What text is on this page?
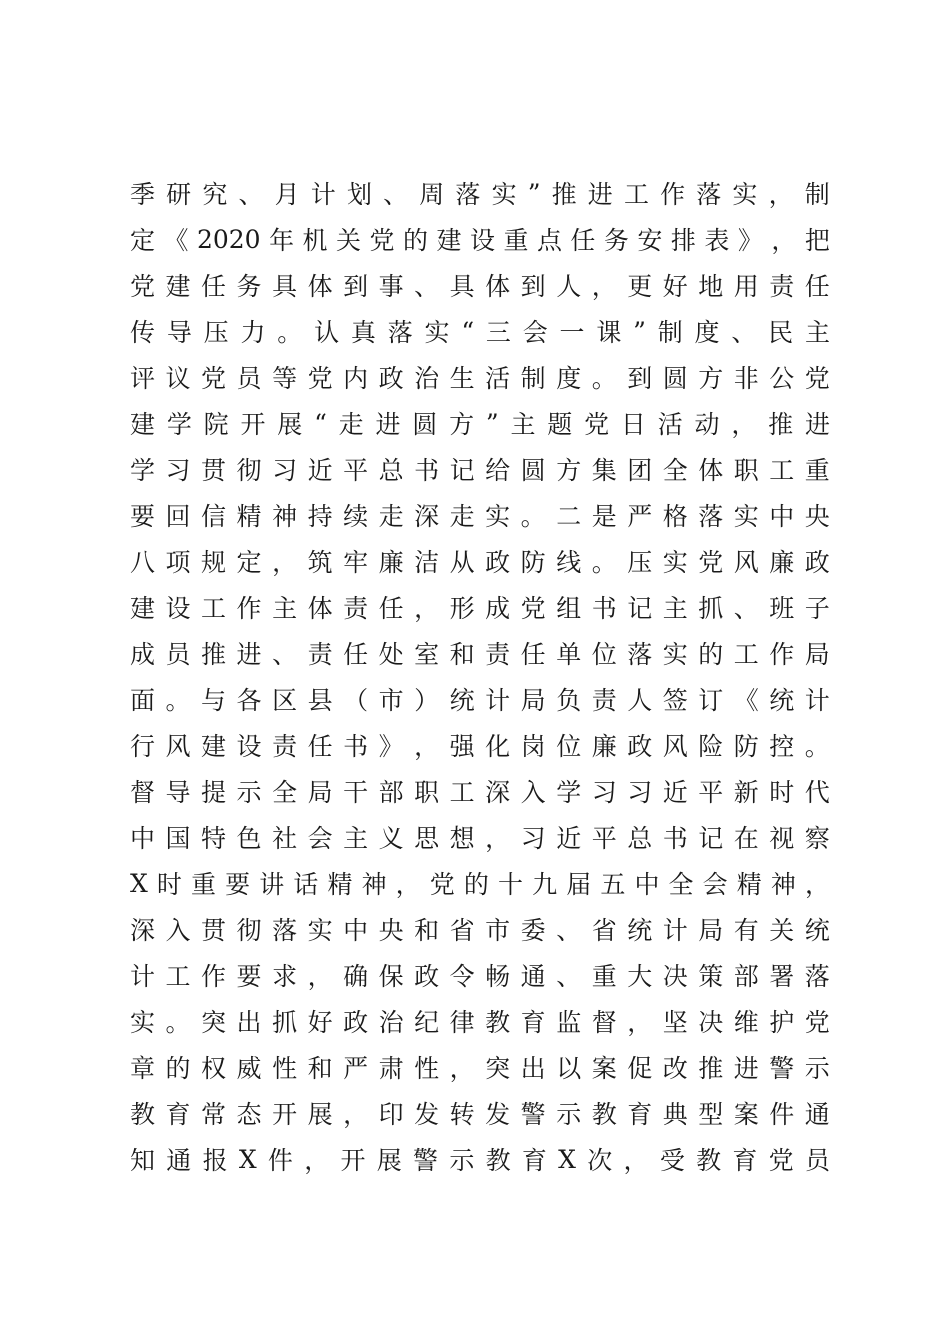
季 研 究 、 月 计 划 、 周 落 实 ” 推 进 工 作 落 实 ， 制
定 《 2020 年 机 关 党 的 建 设 重 点 任 务 安 排 表 》 ， 把
党 建 任 务 具 体 到 事 、 具 体 到 人 ， 更 好 地 用 责 任
传 导 压 力 。 认 真 落 实 “ 三 会 一 课 ” 制 度 、 民 主
评 议 党 员 等 党 内 政 治 生 活 制 度 。 到 圆 方 非 公 党
建 学 院 开 展 “ 走 进 圆 方 ” 主 题 党 日 活 动 ， 推 进
学 习 贯 彻 习 近 平 总 书 记 给 圆 方 集 团 全 体 职 工 重
要 回 信 精 神 持 续 走 深 走 实 。 二 是 严 格 落 实 中 央
八 项 规 定 ， 筑 牢 廉 洁 从 政 防 线 。 压 实 党 风 廉 政
建 设 工 作 主 体 责 任 ， 形 成 党 组 书 记 主 抓 、 班 子
成 员 推 进 、 责 任 处 室 和 责 任 单 位 落 实 的 工 作 局
面 。 与 各 区 县 （ 市 ） 统 计 局 负 责 人 签 订 《 统 计
行 风 建 设 责 任 书 》 ， 强 化 岗 位 廉 政 风 险 防 控 。
督 导 提 示 全 局 干 部 职 工 深 入 学 习 习 近 平 新 时 代
中 国 特 色 社 会 主 义 思 想 ， 习 近 平 总 书 记 在 视 察
X 时 重 要 讲 话 精 神 ， 党 的 十 九 届 五 中 全 会 精 神 ，
深 入 贯 彻 落 实 中 央 和 省 市 委 、 省 统 计 局 有 关 统
计 工 作 要 求 ， 确 保 政 令 畅 通 、 重 大 决 策 部 署 落
实 。 突 出 抓 好 政 治 纪 律 教 育 监 督 ， 坚 决 维 护 党
章 的 权 威 性 和 严 肃 性 ， 突 出 以 案 促 改 推 进 警 示
教 育 常 态 开 展 ， 印 发 转 发 警 示 教 育 典 型 案 件 通
知 通 报 X 件 ， 开 展 警 示 教 育 X 次 ， 受 教 育 党 员
